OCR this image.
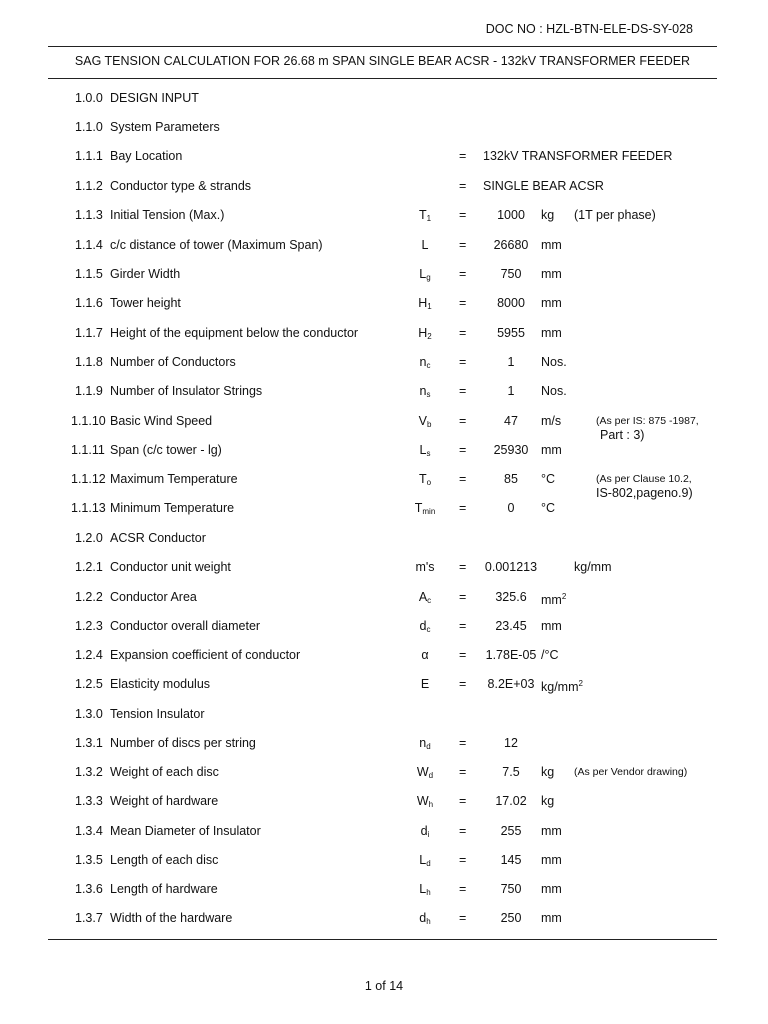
DOC NO : HZL-BTN-ELE-DS-SY-028
SAG TENSION CALCULATION FOR 26.68 m SPAN SINGLE BEAR ACSR - 132kV TRANSFORMER FEEDER
1.0.0 DESIGN INPUT
1.1.0 System Parameters
1.1.1 Bay Location	= 132kV TRANSFORMER FEEDER
1.1.2 Conductor type & strands	= SINGLE BEAR ACSR
1.1.3 Initial Tension (Max.)	$T_1$	=	1000	kg (1T per phase)
1.1.4 c/c distance of tower (Maximum Span)	L	=	26680	mm
1.1.5 Girder Width	$L_g$	=	750	mm
1.1.6 Tower height	$H_1$	=	8000	mm
1.1.7 Height of the equipment below the conductor	$H_2$	=	5955	mm
1.1.8 Number of Conductors	$n_c$	=	1	Nos.
1.1.9 Number of Insulator Strings	$n_s$	=	1	Nos.
1.1.10 Basic Wind Speed	$V_b$	=	47	m/s	(As per IS: 875 -1987,
Part : 3)
1.1.11 Span (c/c tower - lg)	$L_s$	=	25930	mm
1.1.12 Maximum Temperature	$T_o$	=	85	°C	(As per Clause 10.2,
IS-802,pageno.9)
1.1.13 Minimum Temperature	$T_{min}$	=	0	°C
1.2.0 ACSR Conductor
1.2.1 Conductor unit weight	m's	=	0.001213	kg/mm
1.2.2 Conductor Area	$A_c$	=	325.6	$mm^2$
1.2.3 Conductor overall diameter	$d_c$	=	23.45	mm
1.2.4 Expansion coefficient of conductor	α	=	1.78E-05 /°C
1.2.5 Elasticity modulus	E	=	8.2E+03 $kg/mm^2$
1.3.0 Tension Insulator
1.3.1 Number of discs per string	$n_d$	=	12
1.3.2 Weight of each disc	$W_d$	=	7.5	kg (As per Vendor drawing)
1.3.3 Weight of hardware	$W_h$	=	17.02	kg
1.3.4 Mean Diameter of Insulator	$d_i$	=	255	mm
1.3.5 Length of each disc	$L_d$	=	145	mm
1.3.6 Length of hardware	$L_h$	=	750	mm
1.3.7 Width of the hardware	$d_h$	=	250	mm
1 of 14
